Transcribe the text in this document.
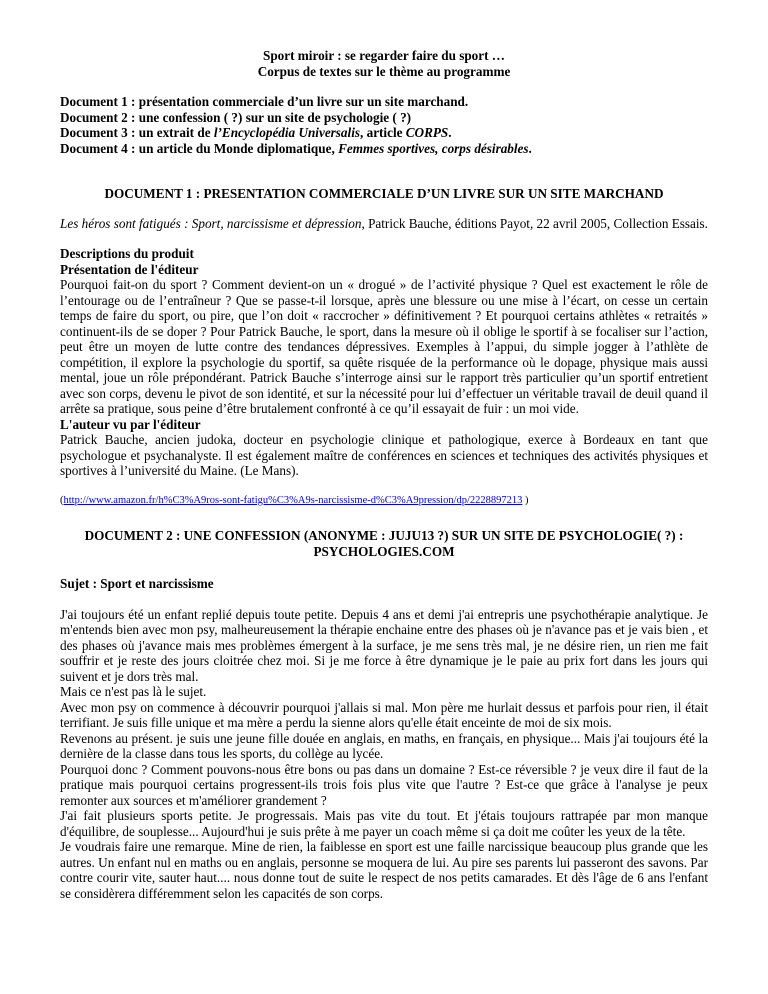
Sport miroir : se regarder faire du sport …
Corpus de textes sur le thème au programme
Document 1 : présentation commerciale d’un livre sur un site marchand.
Document 2 : une confession ( ?) sur un site de psychologie ( ?)
Document 3 : un extrait de l’Encyclopédia Universalis, article CORPS.
Document 4 : un article du Monde diplomatique, Femmes sportives, corps désirables.
DOCUMENT 1 : PRESENTATION COMMERCIALE D’UN LIVRE SUR UN SITE MARCHAND
Les héros sont fatigués : Sport, narcissisme et dépression, Patrick Bauche, éditions Payot, 22 avril 2005, Collection Essais.
Descriptions du produit
Présentation de l'éditeur
Pourquoi fait-on du sport ? Comment devient-on un « drogué » de l’activité physique ? Quel est exactement le rôle de l’entourage ou de l’entraîneur ? Que se passe-t-il lorsque, après une blessure ou une mise à l’écart, on cesse un certain temps de faire du sport, ou pire, que l’on doit « raccrocher » définitivement ? Et pourquoi certains athlètes « retraités » continuent-ils de se doper ? Pour Patrick Bauche, le sport, dans la mesure où il oblige le sportif à se focaliser sur l’action, peut être un moyen de lutte contre des tendances dépressives. Exemples à l’appui, du simple jogger à l’athlète de compétition, il explore la psychologie du sportif, sa quête risquée de la performance où le dopage, physique mais aussi mental, joue un rôle prépondérant. Patrick Bauche s’interroge ainsi sur le rapport très particulier qu’un sportif entretient avec son corps, devenu le pivot de son identité, et sur la nécessité pour lui d’effectuer un véritable travail de deuil quand il arrête sa pratique, sous peine d’être brutalement confronté à ce qu’il essayait de fuir : un moi vide.
L'auteur vu par l'éditeur
Patrick Bauche, ancien judoka, docteur en psychologie clinique et pathologique, exerce à Bordeaux en tant que psychologue et psychanalyste. Il est également maître de conférences en sciences et techniques des activités physiques et sportives à l’université du Maine. (Le Mans).
(http://www.amazon.fr/h%C3%A9ros-sont-fatigu%C3%A9s-narcissisme-d%C3%A9pression/dp/2228897213 )
DOCUMENT 2 : UNE CONFESSION (ANONYME : JUJU13 ?) SUR UN SITE DE PSYCHOLOGIE( ?) :
PSYCHOLOGIES.COM
Sujet : Sport et narcissisme

J'ai toujours été un enfant replié depuis toute petite. Depuis 4 ans et demi j'ai entrepris une psychothérapie analytique. Je m'entends bien avec mon psy, malheureusement la thérapie enchaine entre des phases où je n'avance pas et je vais bien , et des phases où j'avance mais mes problèmes émergent à la surface, je me sens très mal, je ne désire rien, un rien me fait souffrir et je reste des jours cloitrée chez moi. Si je me force à être dynamique je le paie au prix fort dans les jours qui suivent et je dors très mal.

Mais ce n'est pas là le sujet.

Avec mon psy on commence à découvrir pourquoi j'allais si mal. Mon père me hurlait dessus et parfois pour rien, il était terrifiant. Je suis fille unique et ma mère a perdu la sienne alors qu'elle était enceinte de moi de six mois.

Revenons au présent. je suis une jeune fille douée en anglais, en maths, en français, en physique... Mais j'ai toujours été la dernière de la classe dans tous les sports, du collège au lycée.

Pourquoi donc ? Comment pouvons-nous être bons ou pas dans un domaine ? Est-ce réversible ? je veux dire il faut de la pratique mais pourquoi certains progressent-ils trois fois plus vite que l'autre ? Est-ce que grâce à l'analyse je peux remonter aux sources et m'améliorer grandement ?

J'ai fait plusieurs sports petite. Je progressais. Mais pas vite du tout. Et j'étais toujours rattrapée par mon manque d'équilibre, de souplesse... Aujourd'hui je suis prête à me payer un coach même si ça doit me coûter les yeux de la tête.

Je voudrais faire une remarque. Mine de rien, la faiblesse en sport est une faille narcissique beaucoup plus grande que les autres. Un enfant nul en maths ou en anglais, personne se moquera de lui. Au pire ses parents lui passeront des savons. Par contre courir vite, sauter haut.... nous donne tout de suite le respect de nos petits camarades. Et dès l'âge de 6 ans l'enfant se considèrera différemment selon les capacités de son corps.
